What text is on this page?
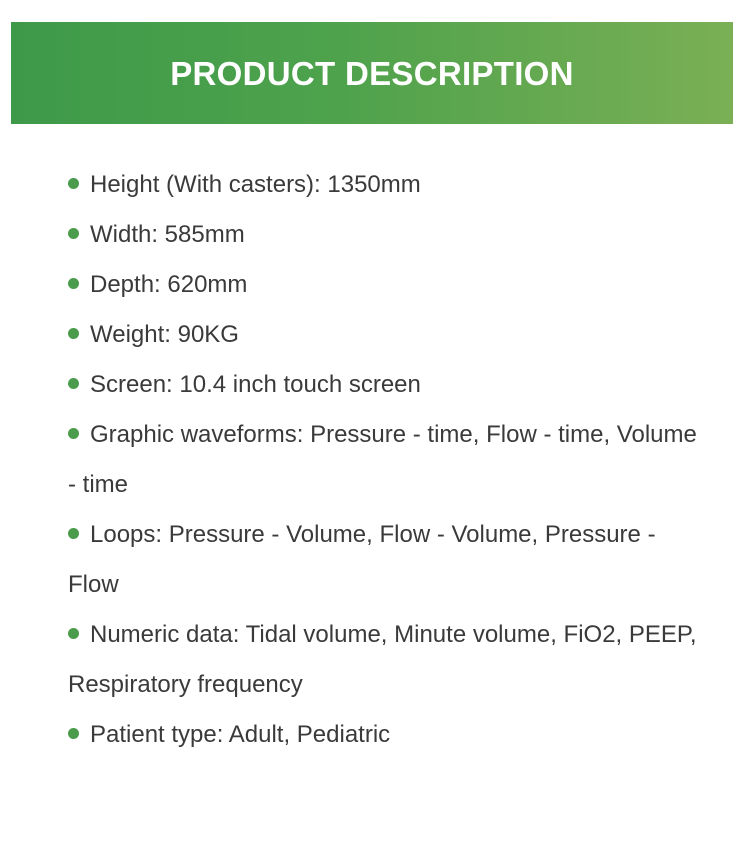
PRODUCT DESCRIPTION
Height (With casters): 1350mm
Width: 585mm
Depth: 620mm
Weight: 90KG
Screen: 10.4 inch touch screen
Graphic waveforms: Pressure - time, Flow - time, Volume - time
Loops: Pressure - Volume, Flow - Volume, Pressure - Flow
Numeric data: Tidal volume, Minute volume, FiO2, PEEP, Respiratory frequency
Patient type: Adult, Pediatric
